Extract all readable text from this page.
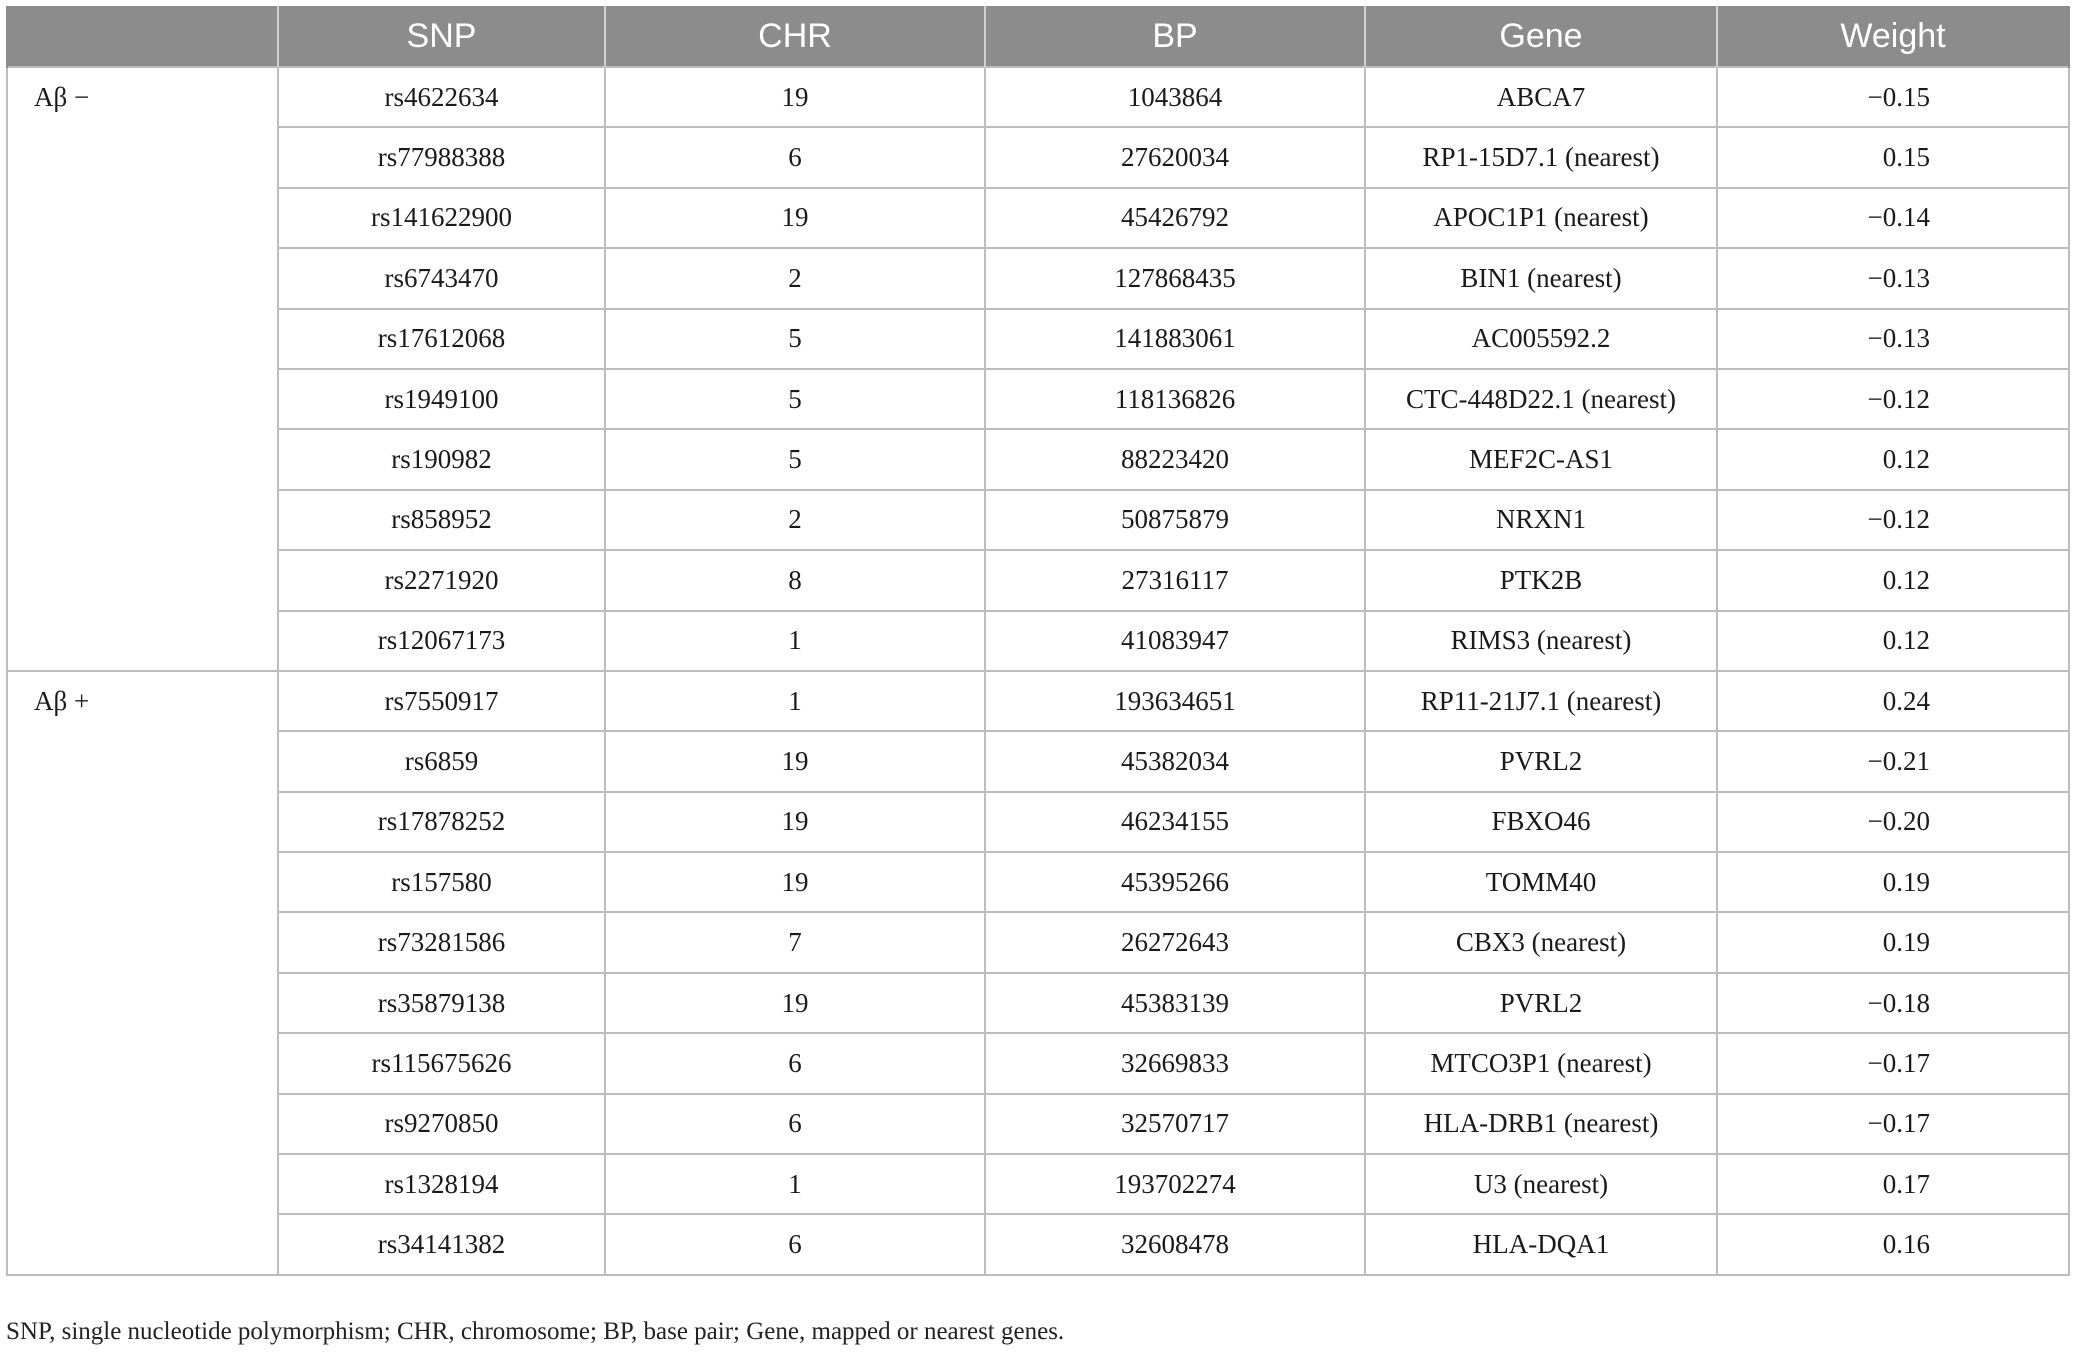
	SNP	CHR	BP	Gene	Weight
Aβ −	rs4622634	19	1043864	ABCA7	−0.15
	rs77988388	6	27620034	RP1-15D7.1 (nearest)	0.15
	rs141622900	19	45426792	APOC1P1 (nearest)	−0.14
	rs6743470	2	127868435	BIN1 (nearest)	−0.13
	rs17612068	5	141883061	AC005592.2	−0.13
	rs1949100	5	118136826	CTC-448D22.1 (nearest)	−0.12
	rs190982	5	88223420	MEF2C-AS1	0.12
	rs858952	2	50875879	NRXN1	−0.12
	rs2271920	8	27316117	PTK2B	0.12
	rs12067173	1	41083947	RIMS3 (nearest)	0.12
Aβ +	rs7550917	1	193634651	RP11-21J7.1 (nearest)	0.24
	rs6859	19	45382034	PVRL2	−0.21
	rs17878252	19	46234155	FBXO46	−0.20
	rs157580	19	45395266	TOMM40	0.19
	rs73281586	7	26272643	CBX3 (nearest)	0.19
	rs35879138	19	45383139	PVRL2	−0.18
	rs115675626	6	32669833	MTCO3P1 (nearest)	−0.17
	rs9270850	6	32570717	HLA-DRB1 (nearest)	−0.17
	rs1328194	1	193702274	U3 (nearest)	0.17
	rs34141382	6	32608478	HLA-DQA1	0.16
SNP, single nucleotide polymorphism; CHR, chromosome; BP, base pair; Gene, mapped or nearest genes.
